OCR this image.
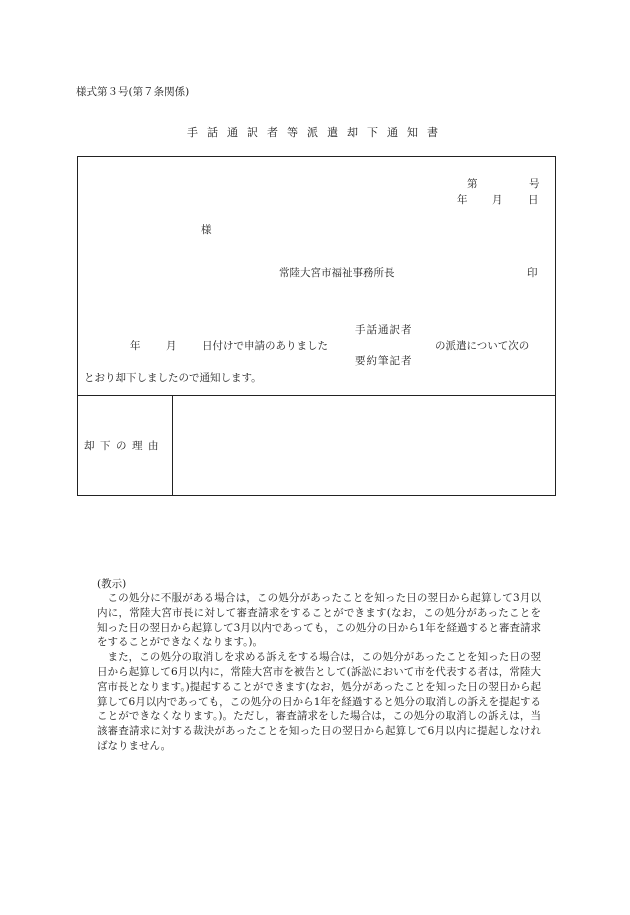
様式第３号(第７条関係)
手話通訳者等派遣却下通知書
第	号
年 月 日
様
常陸大宮市福祉事務所長	印
手話通訳者
要約筆記者
年 月 日付けで申請のありました	の派遣について次の
とおり却下しましたので通知します。
却下の理由
(教示)

この処分に不服がある場合は，この処分があったことを知った日の翌日から起算して3月以内に，常陸大宮市長に対して審査請求をすることができます(なお，この処分があったことを知った日の翌日から起算して3月以内であっても，この処分の日から1年を経過すると審査請求をすることができなくなります。)。

また，この処分の取消しを求める訴えをする場合は，この処分があったことを知った日の翌日から起算して6月以内に，常陸大宮市を被告として(訴訟において市を代表する者は，常陸大宮市長となります。)提起することができます(なお，処分があったことを知った日の翌日から起算して6月以内であっても，この処分の日から1年を経過すると処分の取消しの訴えを提起することができなくなります。)。ただし，審査請求をした場合は，この処分の取消しの訴えは，当該審査請求に対する裁決があったことを知った日の翌日から起算して6月以内に提起しなければなりません。
